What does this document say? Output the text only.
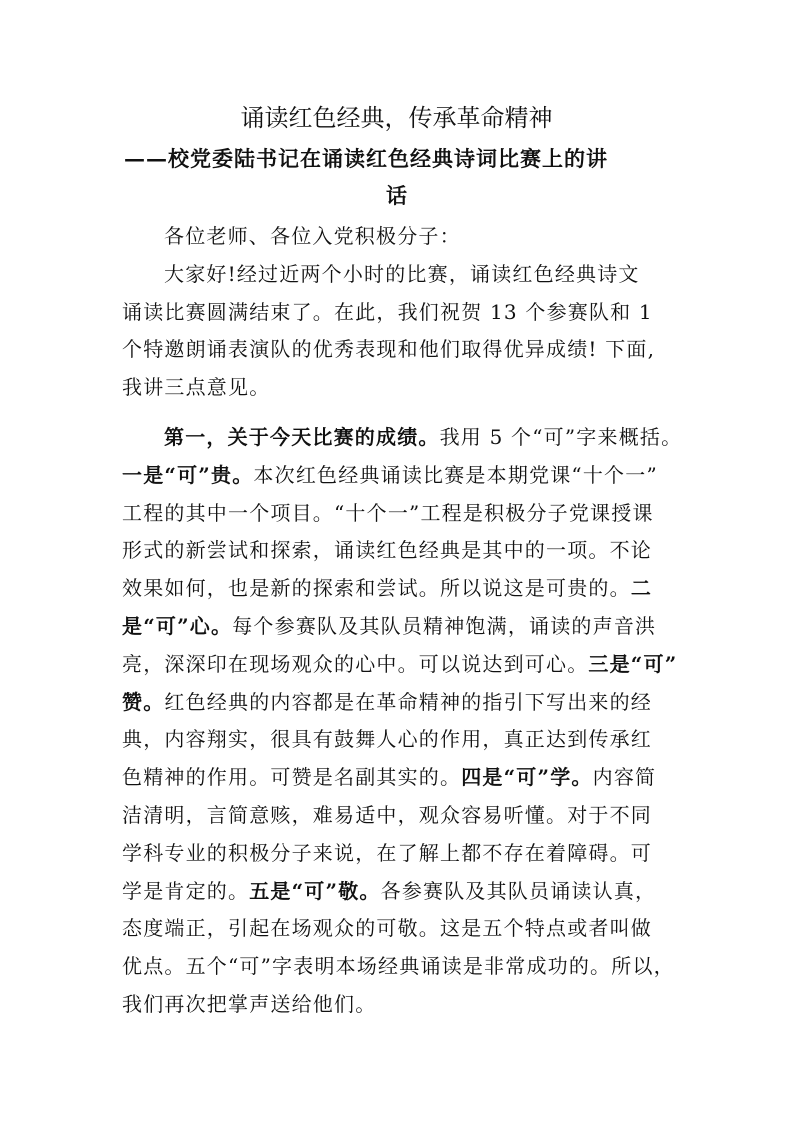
诵读红色经典，传承革命精神
——校党委陆书记在诵读红色经典诗词比赛上的讲
话
各位老师、各位入党积极分子：
大家好!经过近两个小时的比赛，诵读红色经典诗文
诵读比赛圆满结束了。在此，我们祝贺 13 个参赛队和 1
个特邀朗诵表演队的优秀表现和他们取得优异成绩! 下面,
我讲三点意见。
第一，关于今天比赛的成绩。我用 5 个“可”字来概括。
一是“可”贵。本次红色经典诵读比赛是本期党课“十个一”
工程的其中一个项目。“十个一”工程是积极分子党课授课
形式的新尝试和探索，诵读红色经典是其中的一项。不论
效果如何，也是新的探索和尝试。所以说这是可贵的。二
是“可”心。每个参赛队及其队员精神饱满，诵读的声音洪
亮，深深印在现场观众的心中。可以说达到可心。三是“可”
赞。红色经典的内容都是在革命精神的指引下写出来的经
典，内容翔实，很具有鼓舞人心的作用，真正达到传承红
色精神的作用。可赞是名副其实的。四是“可”学。内容简
洁清明，言简意赅，难易适中，观众容易听懂。对于不同
学科专业的积极分子来说，在了解上都不存在着障碍。可
学是肯定的。五是“可”敬。各参赛队及其队员诵读认真，
态度端正，引起在场观众的可敬。这是五个特点或者叫做
优点。五个“可”字表明本场经典诵读是非常成功的。所以，
我们再次把掌声送给他们。
